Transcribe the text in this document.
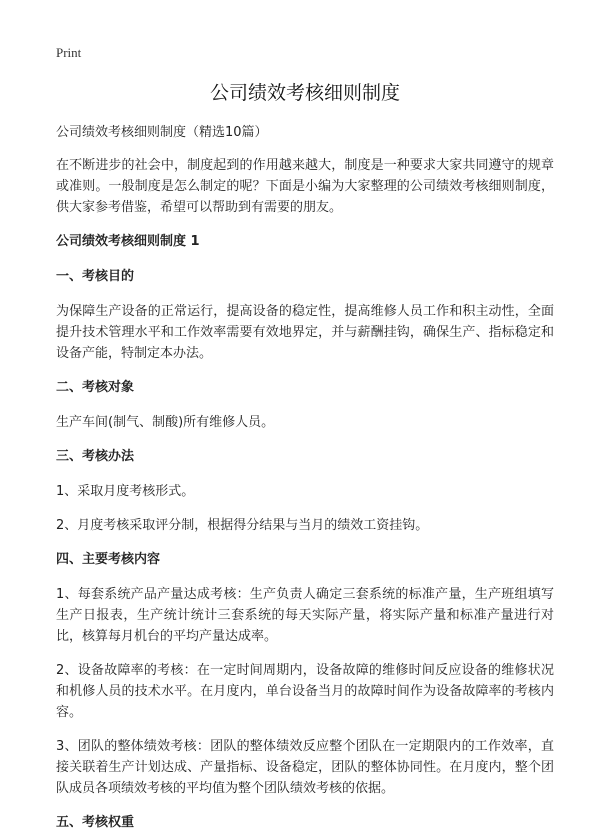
Print
公司绩效考核细则制度

公司绩效考核细则制度（精选10篇）

在不断进步的社会中，制度起到的作用越来越大，制度是一种要求大家共同遵守的规章或准则。一般制度是怎么制定的呢？下面是小编为大家整理的公司绩效考核细则制度，供大家参考借鉴，希望可以帮助到有需要的朋友。

公司绩效考核细则制度 1
一、考核目的

为保障生产设备的正常运行，提高设备的稳定性，提高维修人员工作和积主动性，全面提升技术管理水平和工作效率需要有效地界定，并与薪酬挂钩，确保生产、指标稳定和设备产能，特制定本办法。

二、考核对象

生产车间(制气、制酸)所有维修人员。

三、考核办法

1、采取月度考核形式。

2、月度考核采取评分制，根据得分结果与当月的绩效工资挂钩。

四、主要考核内容

1、每套系统产品产量达成考核：生产负责人确定三套系统的标准产量，生产班组填写生产日报表，生产统计统计三套系统的每天实际产量，将实际产量和标准产量进行对比，核算每月机台的平均产量达成率。

2、设备故障率的考核：在一定时间周期内，设备故障的维修时间反应设备的维修状况和机修人员的技术水平。在月度内，单台设备当月的故障时间作为设备故障率的考核内容。

3、团队的整体绩效考核：团队的整体绩效反应整个团队在一定期限内的工作效率，直接关联着生产计划达成、产量指标、设备稳定，团队的整体协同性。在月度内，整个团队成员各项绩效考核的平均值为整个团队绩效考核的依据。

五、考核权重
